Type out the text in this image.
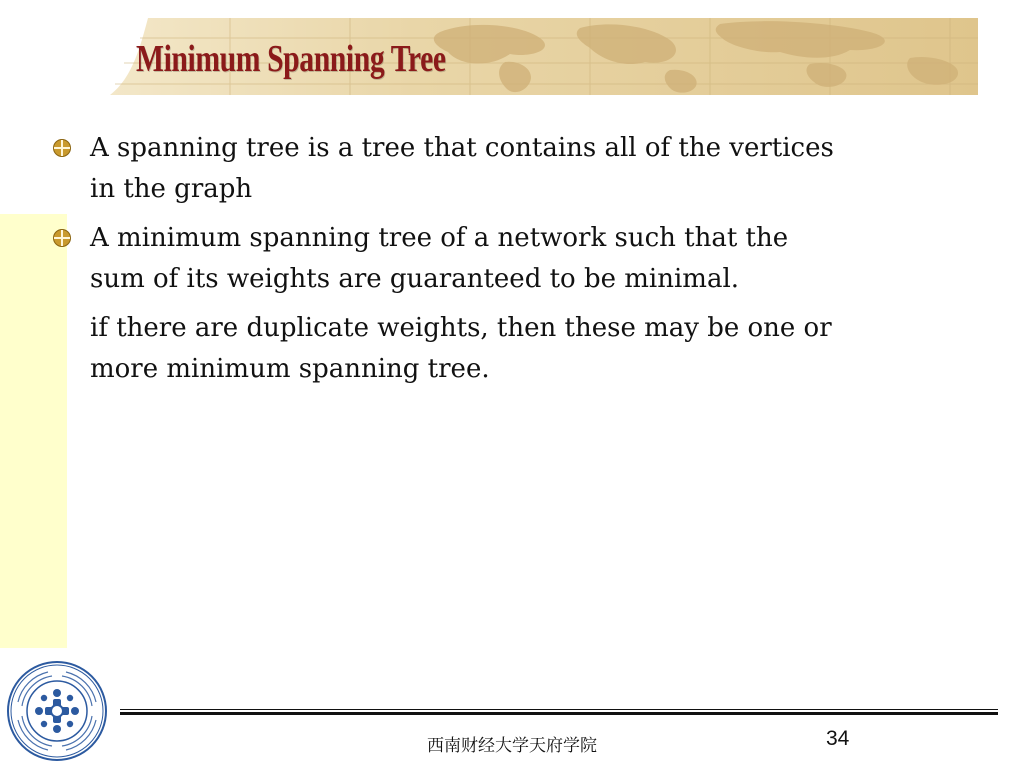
Minimum Spanning Tree
A spanning tree is a tree that contains all of the vertices
in the graph
A minimum spanning tree of a network such that the
sum of its weights are guaranteed to be minimal.
if there are duplicate weights, then these may be one or
more minimum spanning tree.
西南财经大学天府学院	34
